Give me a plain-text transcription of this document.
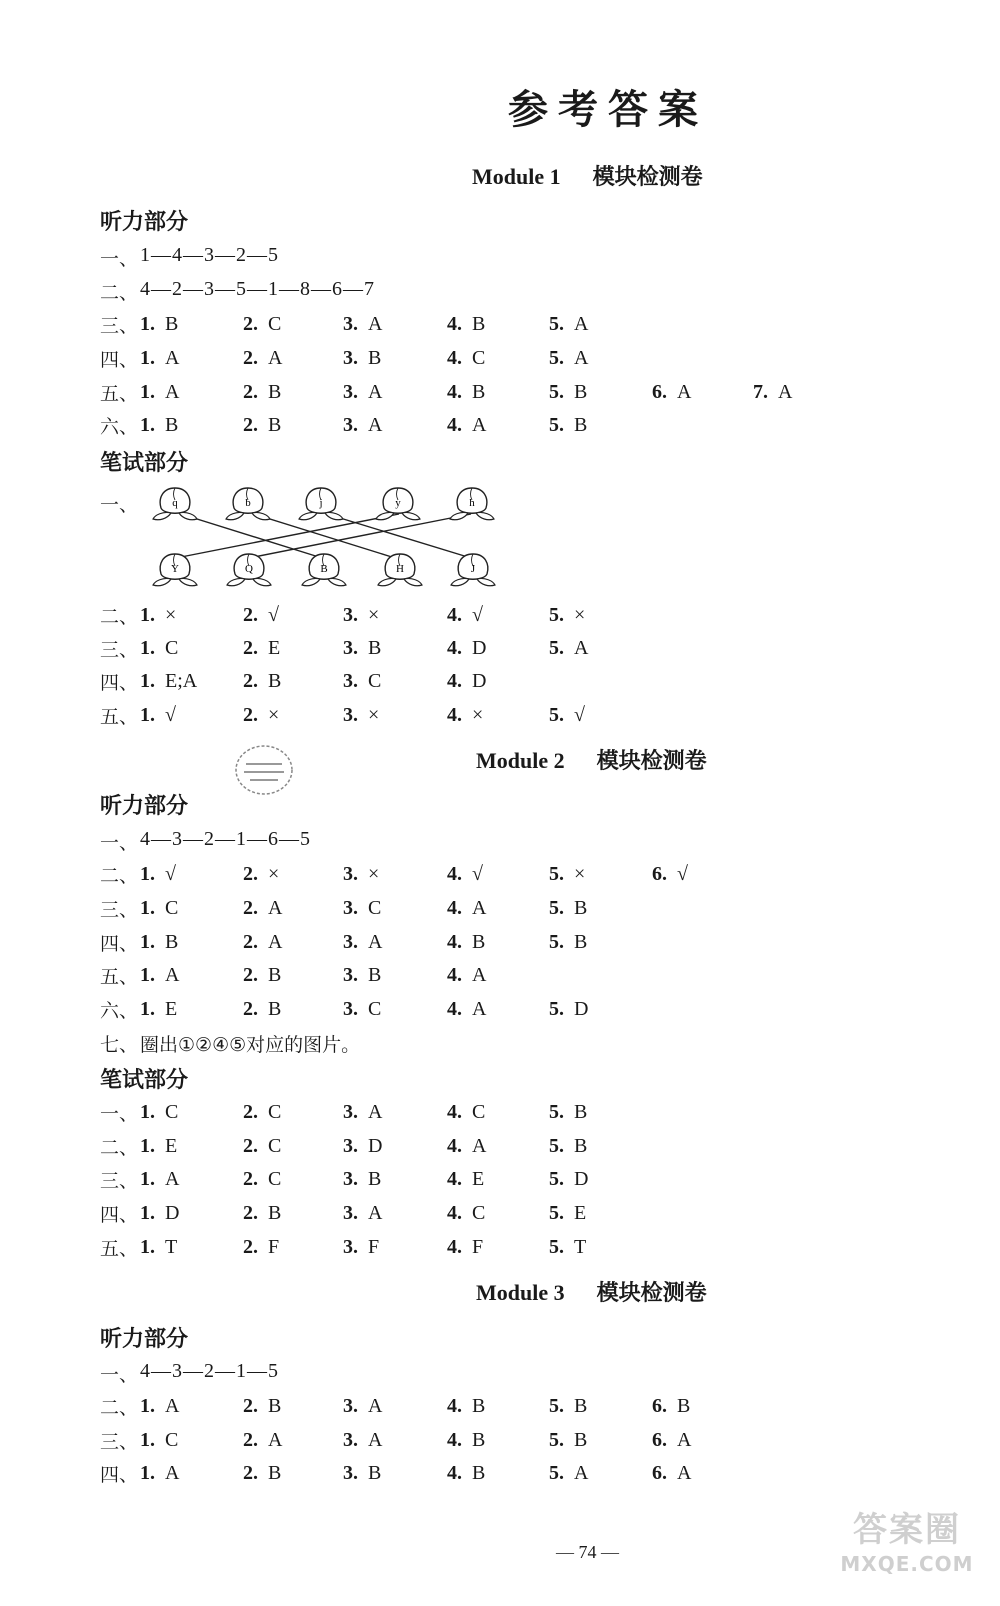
参考答案
Module 1 模块检测卷
听力部分
一、 1—4—3—2—5
二、 4—2—3—5—1—8—6—7
三、 1. B	2. C	3. A	4. B	5. A
四、 1. A	2. A	3. B	4. C	5. A
五、 1. A	2. B	3. A	4. B	5. B	6. A	7. A
六、 1. B	2. B	3. A	4. A	5. B
笔试部分
一、	q	b	j	y	h
Y	Q	B	H	J
二、 1. ×	2. √	3. ×	4. √	5. ×
三、 1. C	2. E	3. B	4. D	5. A
四、 1. E;A 2. B	3. C	4. D
五、 1. √	2. ×	3. ×	4. ×	5. √
Module 2 模块检测卷
听力部分
一、 4—3—2—1—6—5
二、 1. √	2. ×	3. ×	4. √	5. ×	6. √
三、 1. C	2. A	3. C	4. A	5. B
四、 1. B	2. A	3. A	4. B	5. B
五、 1. A	2. B	3. B	4. A
六、 1. E	2. B	3. C	4. A	5. D
七、 圈出①②④⑤对应的图片。
笔试部分
一、 1. C	2. C	3. A	4. C	5. B
二、 1. E	2. C	3. D	4. A	5. B
三、 1. A	2. C	3. B	4. E	5. D
四、 1. D	2. B	3. A	4. C	5. E
五、 1. T	2. F	3. F	4. F	5. T
Module 3 模块检测卷
听力部分
一、 4—3—2—1—5
二、 1. A	2. B	3. A	4. B	5. B	6. B
三、 1. C	2. A	3. A	4. B	5. B	6. A
四、 1. A	2. B	3. B	4. B	5. A	6. A
— 74 —
答案圈
MXQE.COM
